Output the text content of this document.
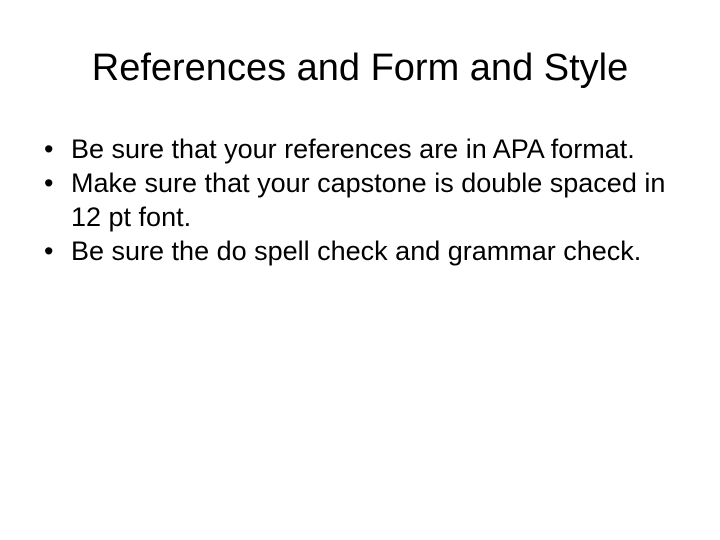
References and Form and Style
• Be sure that your references are in APA format.
• Make sure that your capstone is double spaced in 12 pt font.
• Be sure the do spell check and grammar check.
